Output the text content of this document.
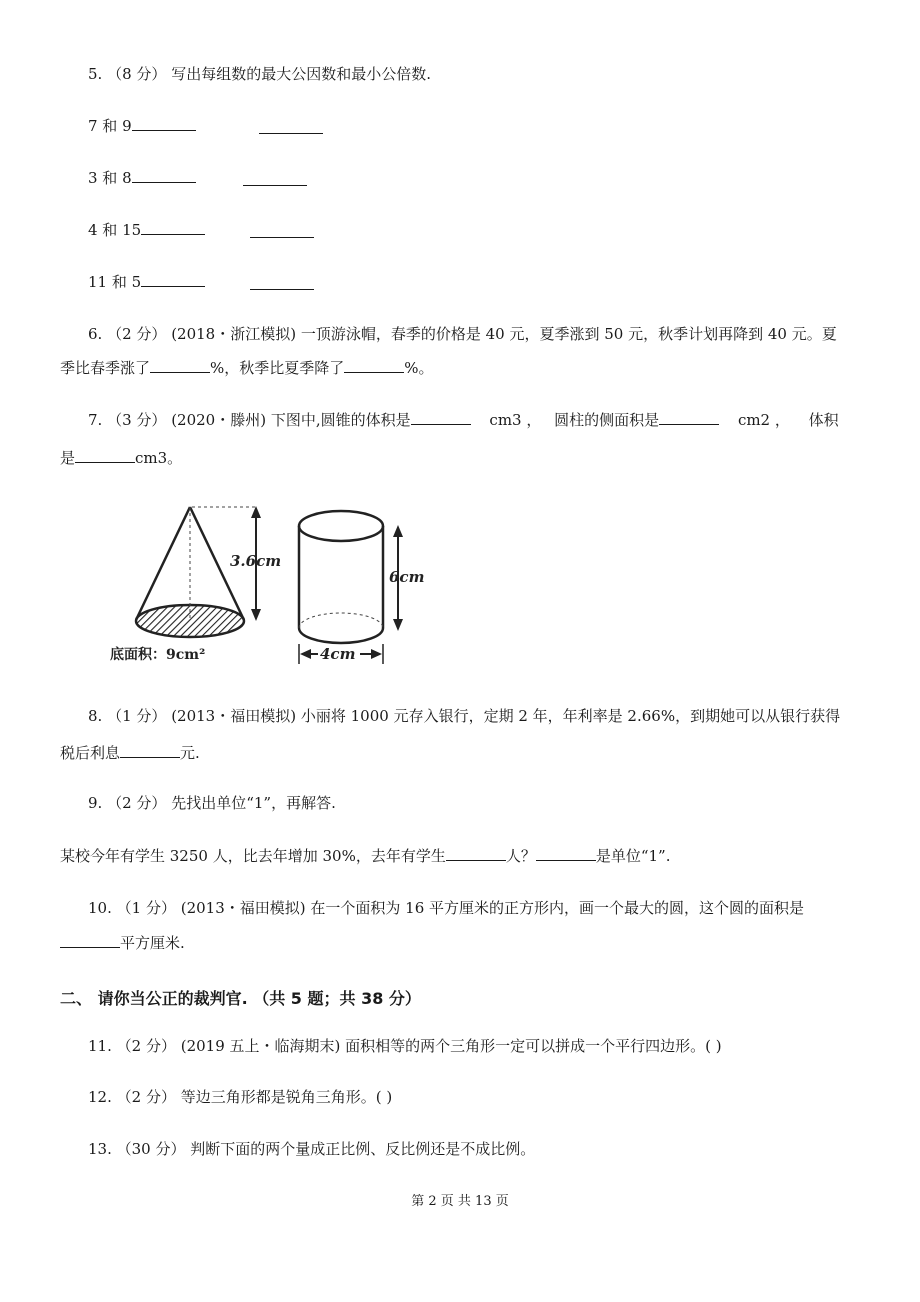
5. （8 分） 写出每组数的最大公因数和最小公倍数.
7 和 9
3 和 8
4 和 15
11 和 5
6. （2 分） (2018・浙江模拟) 一顶游泳帽，春季的价格是 40 元，夏季涨到 50 元，秋季计划再降到 40 元。夏
季比春季涨了	%，秋季比夏季降了	%。
7. （3 分） (2020・滕州) 下图中,圆锥的体积是	cm3 ， 圆柱的侧面积是	cm2 ， 体积
是	cm3。
3.6cm
底面积：9cm²
6cm
4cm
8. （1 分） (2013・福田模拟) 小丽将 1000 元存入银行，定期 2 年，年利率是 2.66%，到期她可以从银行获得
税后利息	元.
9. （2 分） 先找出单位“1”，再解答.
某校今年有学生 3250 人，比去年增加 30%，去年有学生	人？	是单位“1”.
10. （1 分） (2013・福田模拟) 在一个面积为 16 平方厘米的正方形内，画一个最大的圆，这个圆的面积是
平方厘米.
二、 请你当公正的裁判官. （共 5 题；共 38 分）
11. （2 分） (2019 五上・临海期末) 面积相等的两个三角形一定可以拼成一个平行四边形。( )
12. （2 分） 等边三角形都是锐角三角形。( )
13. （30 分） 判断下面的两个量成正比例、反比例还是不成比例。
第 2 页 共 13 页
